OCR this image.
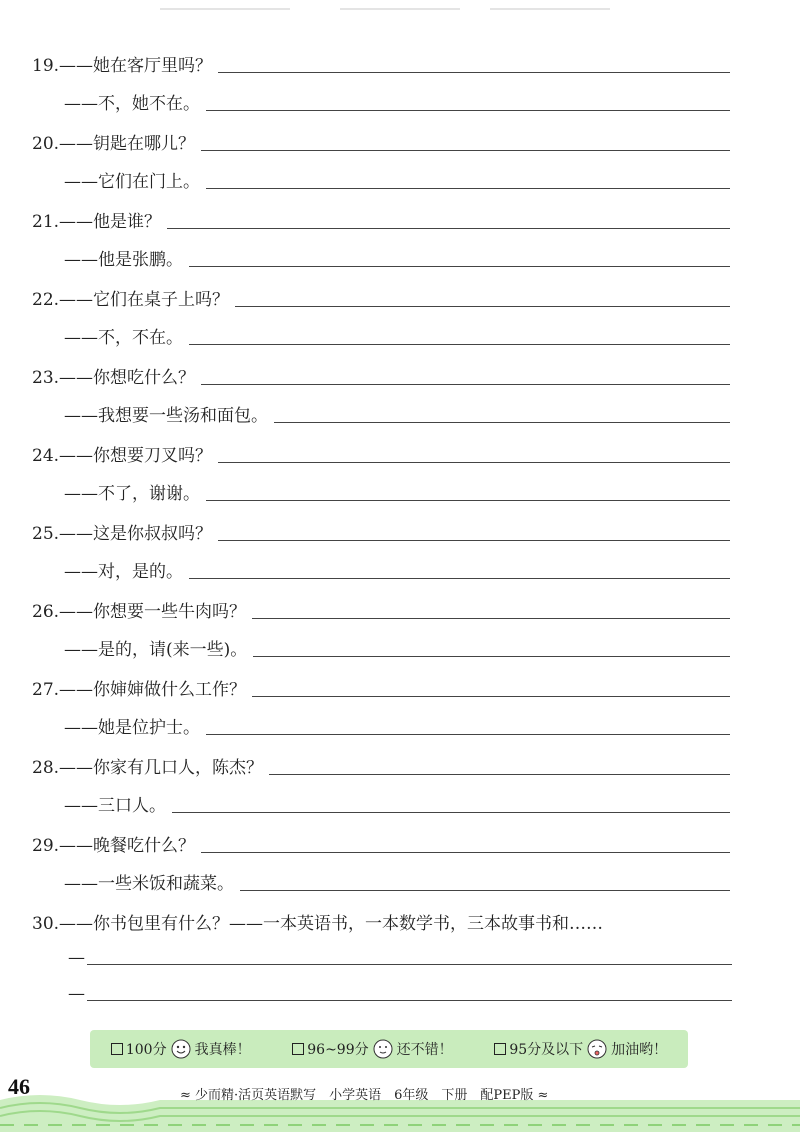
19. ——她在客厅里吗？
——不，她不在。
20. ——钥匙在哪儿？
——它们在门上。
21. ——他是谁？
——他是张鹏。
22. ——它们在桌子上吗？
——不，不在。
23. ——你想吃什么？
——我想要一些汤和面包。
24. ——你想要刀叉吗？
——不了，谢谢。
25. ——这是你叔叔吗？
——对，是的。
26. ——你想要一些牛肉吗？
——是的，请(来一些)。
27. ——你婶婶做什么工作？
——她是位护士。
28. ——你家有几口人，陈杰？
——三口人。
29. ——晚餐吃什么？
——一些米饭和蔬菜。
30. ——你书包里有什么？——一本英语书，一本数学书，三本故事书和……
—
—
100分 我真棒！	96~99分 还不错！	95分及以下 加油哟！
46	≈ 少而精·活页英语默写　小学英语　6年级　下册　配PEP版 ≈
